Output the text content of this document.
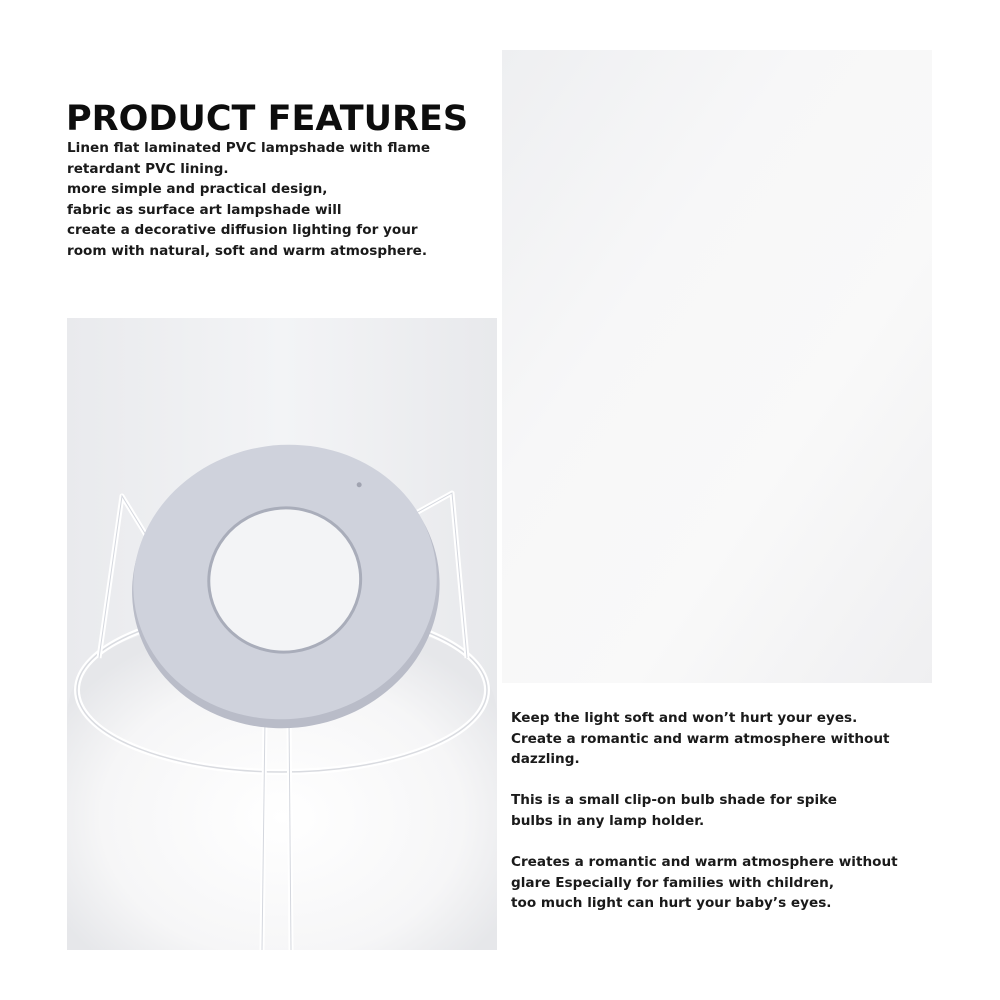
PRODUCT FEATURES

Linen flat laminated PVC lampshade with flame

retardant PVC lining.

more simple and practical design,

fabric as surface art lampshade will

create a decorative diffusion lighting for your

room with natural, soft and warm atmosphere.

Keep the light soft and won’t hurt your eyes.

Create a romantic and warm atmosphere without

dazzling.

This is a small clip-on bulb shade for spike

bulbs in any lamp holder.

Creates a romantic and warm atmosphere without

glare Especially for families with children,

too much light can hurt your baby’s eyes.
